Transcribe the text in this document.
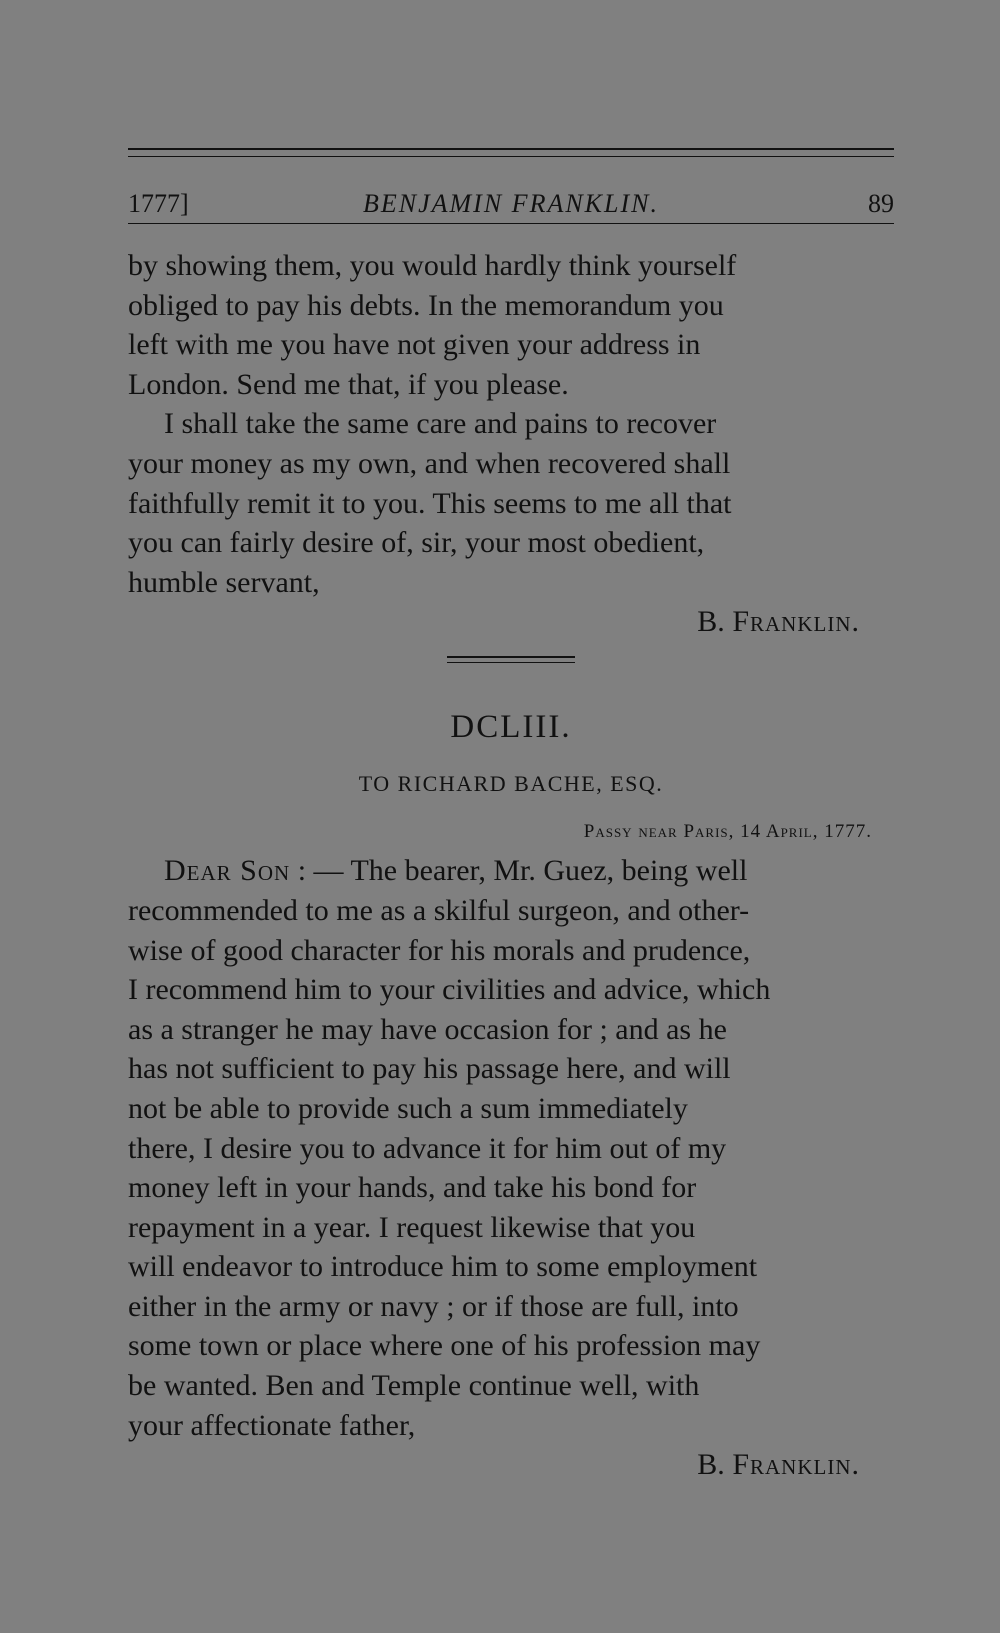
1777]	BENJAMIN FRANKLIN.	89

by showing them, you would hardly think yourself

obliged to pay his debts. In the memorandum you

left with me you have not given your address in

London. Send me that, if you please.

I shall take the same care and pains to recover

your money as my own, and when recovered shall

faithfully remit it to you. This seems to me all that

you can fairly desire of, sir, your most obedient,

humble servant,

B. Franklin.
DCLIII.
TO RICHARD BACHE, ESQ.
Passy near Paris, 14 April, 1777.

Dear Son : — The bearer, Mr. Guez, being well

recommended to me as a skilful surgeon, and other-

wise of good character for his morals and prudence,

I recommend him to your civilities and advice, which

as a stranger he may have occasion for ; and as he

has not sufficient to pay his passage here, and will

not be able to provide such a sum immediately

there, I desire you to advance it for him out of my

money left in your hands, and take his bond for

repayment in a year. I request likewise that you

will endeavor to introduce him to some employment

either in the army or navy ; or if those are full, into

some town or place where one of his profession may

be wanted. Ben and Temple continue well, with

your affectionate father,

B. Franklin.
